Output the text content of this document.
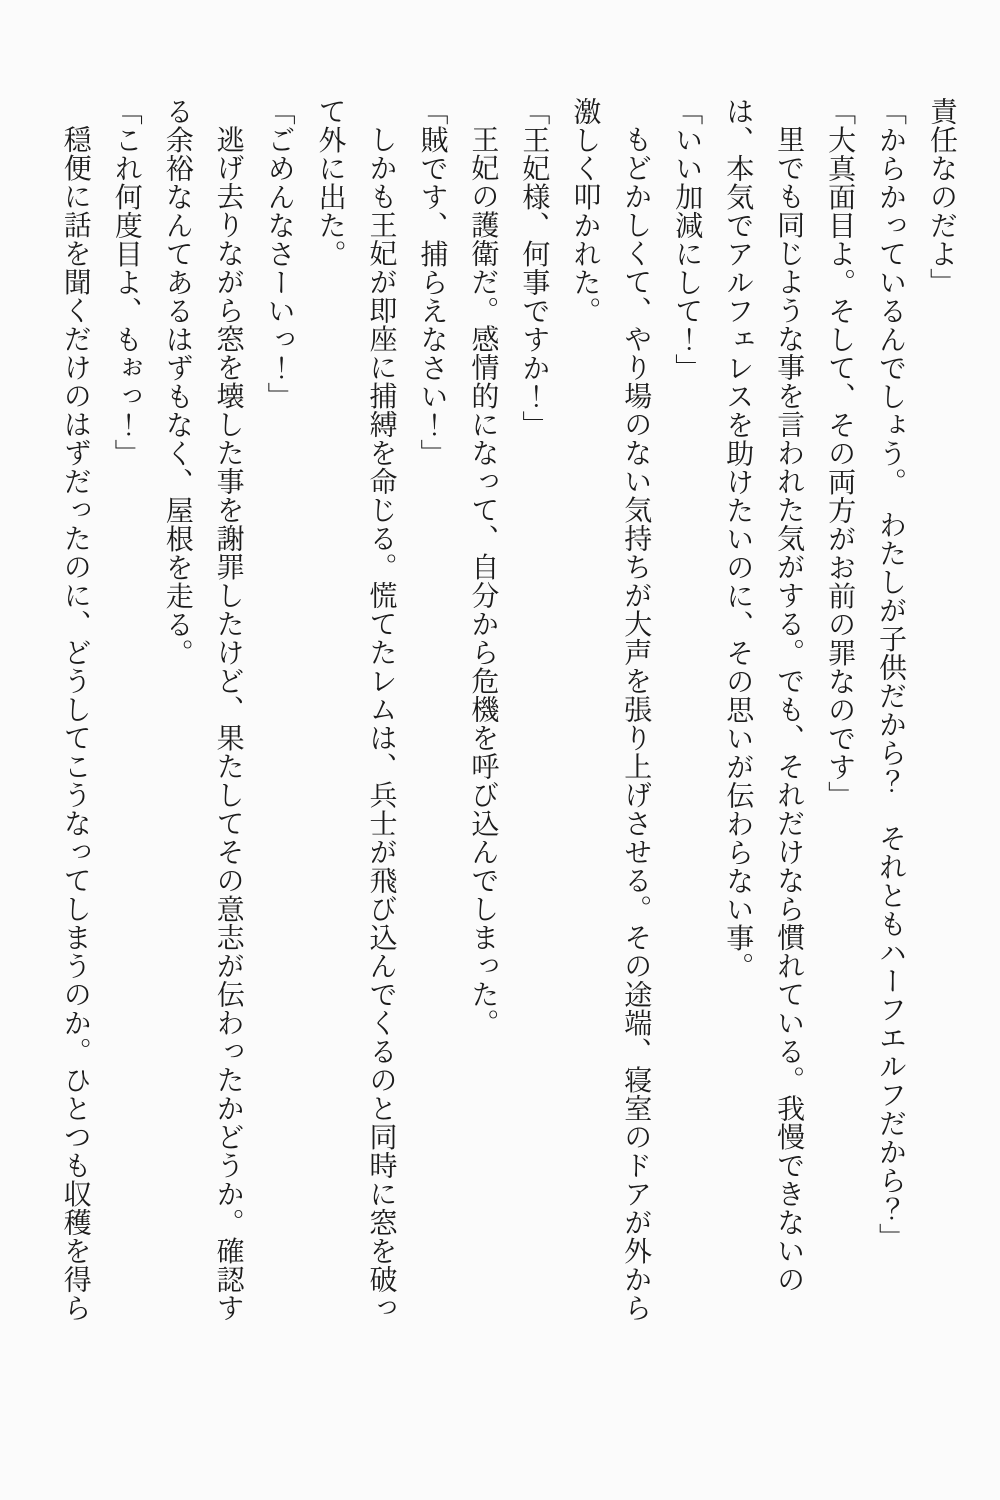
責任なのだよ」

「からかっているんでしょう。　わたしが子供だから？　それともハーフエルフだから？」

「大真面目よ。そして、その両方がお前の罪なのです」

里でも同じような事を言われた気がする。でも、それだけなら慣れている。我慢できないのは、本気でアルフェレスを助けたいのに、その思いが伝わらない事。

「いい加減にして！」

もどかしくて、やり場のない気持ちが大声を張り上げさせる。その途端、寝室のドアが外から激しく叩かれた。

「王妃様、何事ですか！」

王妃の護衛だ。感情的になって、自分から危機を呼び込んでしまった。

「賊です、捕らえなさい！」

しかも王妃が即座に捕縛を命じる。慌てたレムは、兵士が飛び込んでくるのと同時に窓を破って外に出た。

「ごめんなさーいっ！」

逃げ去りながら窓を壊した事を謝罪したけど、果たしてその意志が伝わったかどうか。確認する余裕なんてあるはずもなく、屋根を走る。

「これ何度目よ、もぉっ！」

穏便に話を聞くだけのはずだったのに、どうしてこうなってしまうのか。ひとつも収穫を得ら
